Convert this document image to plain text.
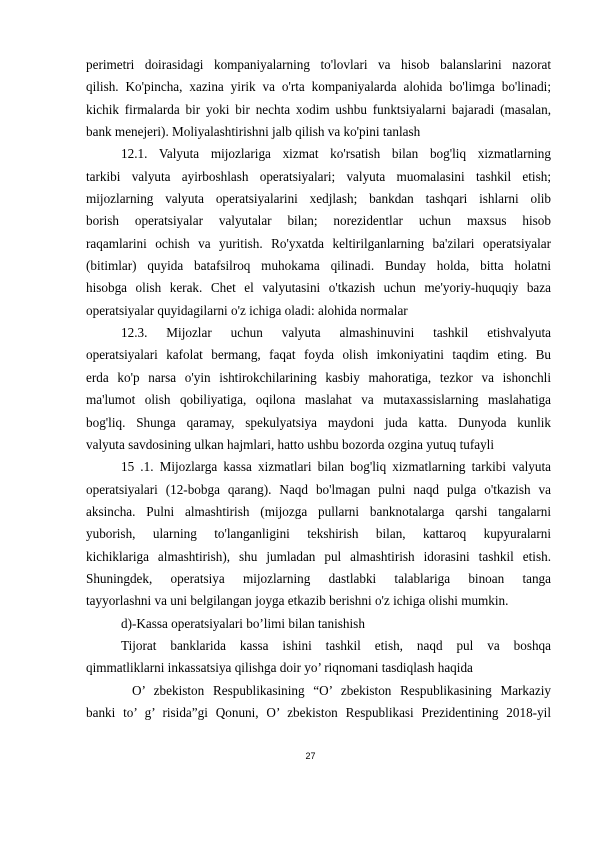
perimetri doirasidagi kompaniyalarning to'lovlari va hisob balanslarini nazorat
qilish. Ko'pincha, xazina yirik va o'rta kompaniyalarda alohida bo'limga bo'linadi;
kichik firmalarda bir yoki bir nechta xodim ushbu funktsiyalarni bajaradi (masalan,
bank menejeri). Moliyalashtirishni jalb qilish va ko'pini tanlash
12.1. Valyuta mijozlariga xizmat ko'rsatish bilan bog'liq xizmatlarning
tarkibi valyuta ayirboshlash operatsiyalari; valyuta muomalasini tashkil etish;
mijozlarning valyuta operatsiyalarini xedjlash; bankdan tashqari ishlarni olib
borish operatsiyalar valyutalar bilan; norezidentlar uchun maxsus hisob
raqamlarini ochish va yuritish. Ro'yxatda keltirilganlarning ba'zilari operatsiyalar
(bitimlar) quyida batafsilroq muhokama qilinadi. Bunday holda, bitta holatni
hisobga olish kerak. Chet el valyutasini o'tkazish uchun me'yoriy-huquqiy baza
operatsiyalar quyidagilarni o'z ichiga oladi: alohida normalar
12.3. Mijozlar uchun valyuta almashinuvini tashkil etishvalyuta
operatsiyalari kafolat bermang, faqat foyda olish imkoniyatini taqdim eting. Bu
erda ko'p narsa o'yin ishtirokchilarining kasbiy mahoratiga, tezkor va ishonchli
ma'lumot olish qobiliyatiga, oqilona maslahat va mutaxassislarning maslahatiga
bog'liq. Shunga qaramay, spekulyatsiya maydoni juda katta. Dunyoda kunlik
valyuta savdosining ulkan hajmlari, hatto ushbu bozorda ozgina yutuq tufayli
15 .1. Mijozlarga kassa xizmatlari bilan bog'liq xizmatlarning tarkibi valyuta
operatsiyalari (12-bobga qarang). Naqd bo'lmagan pulni naqd pulga o'tkazish va
aksincha. Pulni almashtirish (mijozga pullarni banknotalarga qarshi tangalarni
yuborish, ularning to'langanligini tekshirish bilan, kattaroq kupyuralarni
kichiklariga almashtirish), shu jumladan pul almashtirish idorasini tashkil etish.
Shuningdek, operatsiya mijozlarning dastlabki talablariga binoan tanga
tayyorlashni va uni belgilangan joyga etkazib berishni o'z ichiga olishi mumkin.
d)-Kassa operatsiyalari bo’limi bilan tanishish
Tijorat banklarida kassa ishini tashkil etish, naqd pul va boshqa
qimmatliklarni inkassatsiya qilishga doir yo’ riqnomani tasdiqlash haqida
O’ zbekiston Respublikasining “O’ zbekiston Respublikasining Markaziy
banki to’ g’ risida”gi Qonuni, O’ zbekiston Respublikasi Prezidentining 2018-yil
27
